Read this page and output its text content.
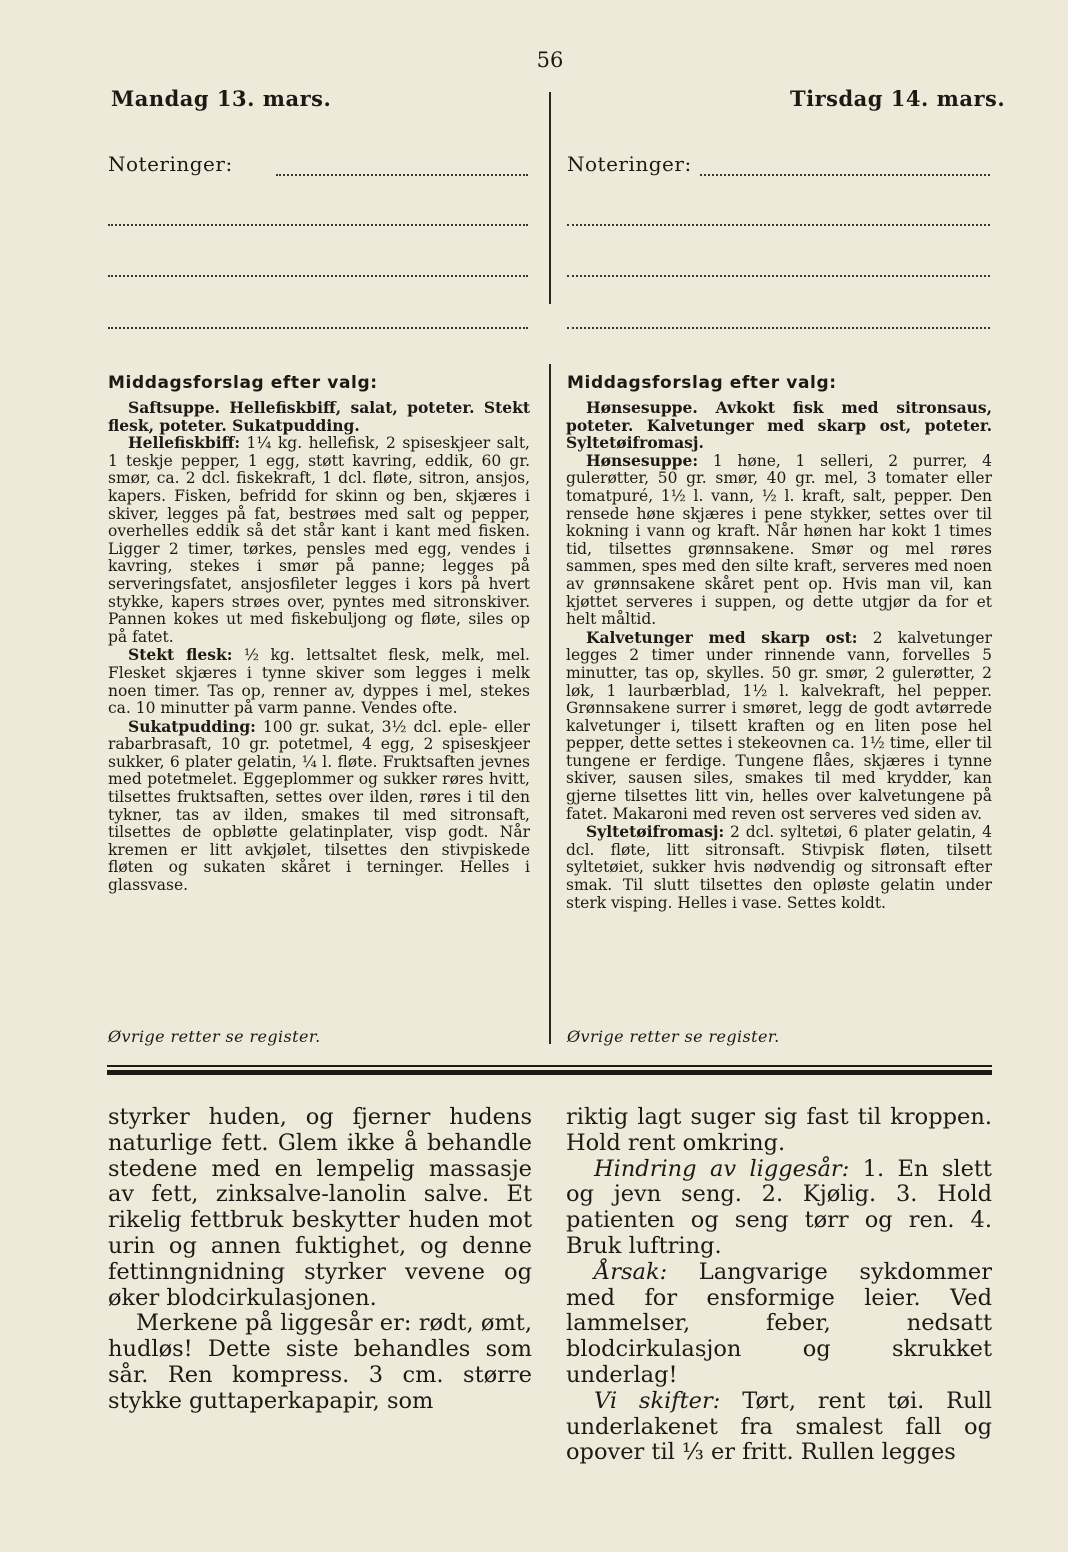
56
Mandag 13. mars.
Noteringer:
Tirsdag 14. mars.
Noteringer:
Middagsforslag efter valg:

Saftsuppe. Hellefiskbiff, salat, poteter. Stekt flesk, poteter. Sukatpudding.

Hellefiskbiff: 1¼ kg. hellefisk, 2 spiseskjeer salt, 1 teskje pepper, 1 egg, støtt kavring, eddik, 60 gr. smør, ca. 2 dcl. fiskekraft, 1 dcl. fløte, sitron, ansjos, kapers. Fisken, befridd for skinn og ben, skjæres i skiver, legges på fat, bestrøes med salt og pepper, overhelles eddik så det står kant i kant med fisken. Ligger 2 timer, tørkes, pensles med egg, vendes i kavring, stekes i smør på panne; legges på serveringsfatet, ansjosfileter legges i kors på hvert stykke, kapers strøes over, pyntes med sitronskiver. Pannen kokes ut med fiskebuljong og fløte, siles op på fatet.

Stekt flesk: ½ kg. lettsaltet flesk, melk, mel. Flesket skjæres i tynne skiver som legges i melk noen timer. Tas op, renner av, dyppes i mel, stekes ca. 10 minutter på varm panne. Vendes ofte.

Sukatpudding: 100 gr. sukat, 3½ dcl. eple- eller rabarbrasaft, 10 gr. potetmel, 4 egg, 2 spiseskjeer sukker, 6 plater gelatin, ¼ l. fløte. Fruktsaften jevnes med potetmelet. Eggeplommer og sukker røres hvitt, tilsettes fruktsaften, settes over ilden, røres i til den tykner, tas av ilden, smakes til med sitronsaft, tilsettes de opbløtte gelatinplater, visp godt. Når kremen er litt avkjølet, tilsettes den stivpiskede fløten og sukaten skåret i terninger. Helles i glassvase.

Øvrige retter se register.
Middagsforslag efter valg:

Hønsesuppe. Avkokt fisk med sitronsaus, poteter. Kalvetunger med skarp ost, poteter. Syltetøifromasj.

Hønsesuppe: 1 høne, 1 selleri, 2 purrer, 4 gulerøtter, 50 gr. smør, 40 gr. mel, 3 tomater eller tomatpuré, 1½ l. vann, ½ l. kraft, salt, pepper. Den rensede høne skjæres i pene stykker, settes over til kokning i vann og kraft. Når hønen har kokt 1 times tid, tilsettes grønnsakene. Smør og mel røres sammen, spes med den silte kraft, serveres med noen av grønnsakene skåret pent op. Hvis man vil, kan kjøttet serveres i suppen, og dette utgjør da for et helt måltid.

Kalvetunger med skarp ost: 2 kalvetunger legges 2 timer under rinnende vann, forvelles 5 minutter, tas op, skylles. 50 gr. smør, 2 gulerøtter, 2 løk, 1 laurbærblad, 1½ l. kalvekraft, hel pepper. Grønnsakene surrer i smøret, legg de godt avtørrede kalvetunger i, tilsett kraften og en liten pose hel pepper, dette settes i stekeovnen ca. 1½ time, eller til tungene er ferdige. Tungene flåes, skjæres i tynne skiver, sausen siles, smakes til med krydder, kan gjerne tilsettes litt vin, helles over kalvetungene på fatet. Makaroni med reven ost serveres ved siden av.

Syltetøifromasj: 2 dcl. syltetøi, 6 plater gelatin, 4 dcl. fløte, litt sitronsaft. Stivpisk fløten, tilsett syltetøiet, sukker hvis nødvendig og sitronsaft efter smak. Til slutt tilsettes den opløste gelatin under sterk visping. Helles i vase. Settes koldt.

Øvrige retter se register.

styrker huden, og fjerner hudens naturlige fett. Glem ikke å behandle stedene med en lempelig massasje av fett, zinksalve-lanolin salve. Et rikelig fettbruk beskytter huden mot urin og annen fuktighet, og denne fettinngnidning styrker vevene og øker blodcirkulasjonen.

Merkene på liggesår er: rødt, ømt, hudløs! Dette siste behandles som sår. Ren kompress. 3 cm. større stykke guttaperkapapir, som

riktig lagt suger sig fast til kroppen. Hold rent omkring.

Hindring av liggesår: 1. En slett og jevn seng. 2. Kjølig. 3. Hold patienten og seng tørr og ren. 4. Bruk luftring.

Årsak: Langvarige sykdommer med for ensformige leier. Ved lammelser, feber, nedsatt blodcirkulasjon og skrukket underlag!

Vi skifter: Tørt, rent tøi. Rull underlakenet fra smalest fall og opover til ⅓ er fritt. Rullen legges
